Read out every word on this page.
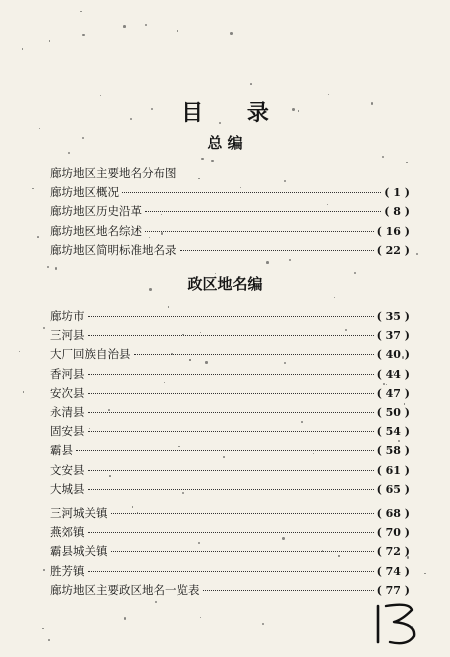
目 录
总 编
廊坊地区主要地名分布图
廊坊地区概况	( 1 )
廊坊地区历史沿革	( 8 )
廊坊地区地名综述	( 16 )
廊坊地区简明标准地名录	( 22 )
政区地名编
廊坊市	( 35 )
三河县	( 37 )
大厂回族自治县	( 40 )
香河县	( 44 )
安次县	( 47 )
永清县	( 50 )
固安县	( 54 )
霸县	( 58 )
文安县	( 61 )
大城县	( 65 )
三河城关镇	( 68 )
燕郊镇	( 70 )
霸县城关镇	( 72 )
胜芳镇	( 74 )
廊坊地区主要政区地名一览表	( 77 )
